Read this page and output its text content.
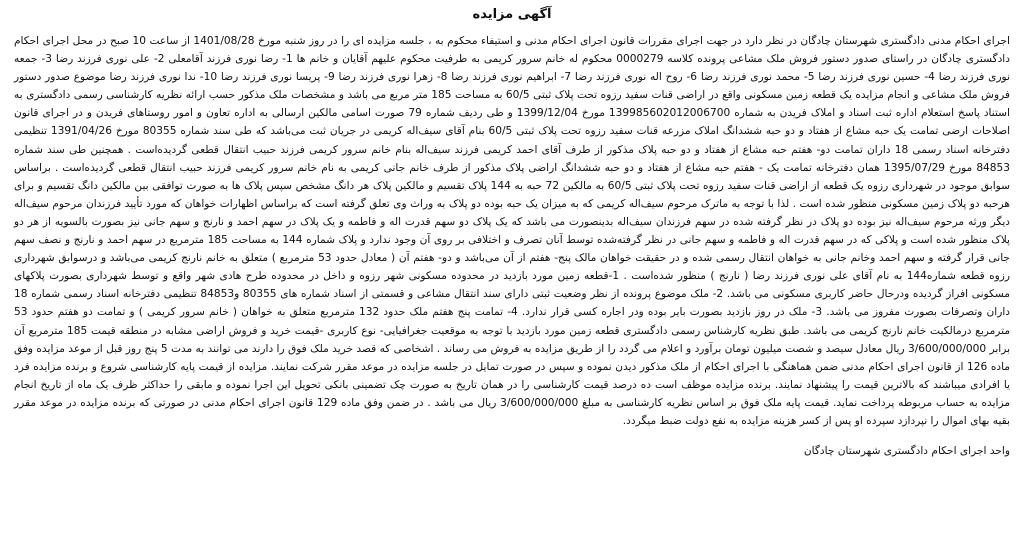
آگهی مزایده

اجرای احکام مدنی دادگستری شهرستان چادگان در نظر دارد در جهت اجرای مقررات قانون اجرای احکام مدنی و استیفاء محکوم به ، جلسه مزایده ای را در روز شنبه مورخ 1401/08/28 از ساعت 10 صبح در محل اجرای احکام دادگستری چادگان در راستای صدور دستور فروش ملک مشاعی پرونده کلاسه 0000279 محکوم له خانم سرور کریمی به طرفیت محکوم علیهم آقایان و خانم ها 1- رضا نوری فرزند آقامعلی 2- علی نوری فرزند رضا 3- جمعه نوری فرزند رضا 4- حسین نوری فرزند رضا 5- محمد نوری فرزند رضا 6- روح اله نوری فرزند رضا 7- ابراهیم نوری فرزند رضا 8- زهرا نوری فرزند رضا 9- پریسا نوری فرزند رضا 10- ندا نوری فرزند رضا موضوع صدور دستور فروش ملک مشاعی و انجام مزایده یک قطعه زمین مسکونی واقع در اراضی قنات سفید رزوه تحت پلاک ثبتی 60/5 به مساحت 185 متر مربع می باشد و مشخصات ملک مذکور حسب ارائه نظریه کارشناسی رسمی دادگستری به استناد پاسخ استعلام اداره ثبت اسناد و املاک فریدن به شماره 139985602012006700 مورخ 1399/12/04 و طی ردیف شماره 79 صورت اسامی مالکین ارسالی به اداره تعاون و امور روستاهای فریدن و در اجرای قانون اصلاحات ارضی تمامت یک حبه مشاع از هفتاد و دو حبه ششدانگ املاک مزرعه قنات سفید رزوه تحت پلاک ثبتی 60/5 بنام آقای سیف‌اله کریمی در جریان ثبت می‌باشد که طی سند شماره 80355 مورخ 1391/04/26 تنظیمی دفترخانه اسناد رسمی 18 داران تمامت دو- هفتم حبه مشاع از هفتاد و دو حبه پلاک مذکور از طرف آقای احمد کریمی فرزند سیف‌اله بنام خانم سرور کریمی فرزند حبیب انتقال قطعی گردیده‌است . همچنین طی سند شماره 84853 مورخ 1395/07/29 همان دفترخانه تمامت یک - هفتم حبه مشاع از هفتاد و دو حبه ششدانگ اراضی پلاک مذکور از طرف خانم جانی کریمی به نام خانم سرور کریمی فرزند حبیب انتقال قطعی گردیده‌است . براساس سوابق موجود در شهرداری رزوه یک قطعه از اراضی قنات سفید رزوه تحت پلاک ثبتی 60/5 به مالکین 72 حبه به 144 پلاک تقسیم و مالکین پلاک هر دانگ مشخص سپس پلاک ها به صورت توافقی بین مالکین دانگ تقسیم و برای هرحبه دو پلاک زمین مسکونی منظور شده است . لذا با توجه به ماترک مرحوم سیف‌اله کریمی که به میزان یک حبه بوده دو پلاک به وراث وی تعلق گرفته است که براساس اظهارات خواهان که مورد تأیید فرزندان مرحوم سیف‌اله دیگر ورثه مرحوم سیف‌اله نیز بوده دو پلاک در نظر گرفته شده در سهم فرزندان سیف‌اله بدینصورت می باشد که یک پلاک دو سهم قدرت اله و فاطمه و یک پلاک در سهم احمد و نارنج و سهم جانی نیز بصورت بالسویه از هر دو پلاک منظور شده است و پلاکی که در سهم قدرت اله و فاطمه و سهم جانی در نظر گرفته‌شده توسط آنان تصرف و اختلافی بر روی آن وجود ندارد و پلاک شماره 144 به مساحت 185 مترمربع در سهم احمد و نارنج و نصف سهم جانی قرار گرفته و سهم احمد وخانم جانی به خواهان انتقال رسمی شده و در حقیقت خواهان مالک پنج- هفتم از آن می‌باشد و دو- هفتم آن ( معادل حدود 53 مترمربع ) متعلق به خانم نارنج کریمی می‌باشد و درسوابق شهرداری رزوه قطعه شماره144 به نام آقای علی نوری فرزند رضا ( نارنج ) منظور شده‌است . 1-قطعه زمین مورد بازدید در محدوده مسکونی شهر رزوه و داخل در محدوده طرح هادی شهر واقع و توسط شهرداری بصورت پلاکهای مسکونی افراز گردیده ودرحال حاضر کاربری مسکونی می باشد. 2- ملک موضوع پرونده از نظر وضعیت ثبتی دارای سند انتقال مشاعی و قسمتی از اسناد شماره های 80355 و84853 تنظیمی دفترخانه اسناد رسمی شماره 18 داران وتصرفات بصورت مفروز می باشد. 3- ملک در روز بازدید بصورت بایر بوده ودر اجاره کسی قرار ندارد. 4- تمامت پنج هفتم ملک حدود 132 مترمربع متعلق به خواهان ( خانم سرور کریمی ) و تمامت دو هفتم حدود 53 مترمربع درمالکیت خانم نارنج کریمی می باشد. طبق نظریه کارشناس رسمی دادگستری قطعه زمین مورد بازدید با توجه به موقعیت جغرافیایی- نوع کاربری -قیمت خرید و فروش اراضی مشابه در منطقه قیمت 185 مترمربع آن برابر 3/600/000/000 ریال معادل سیصد و شصت میلیون تومان برآورد و اعلام می گردد را از طریق مزایده به فروش می رساند . اشخاصی که قصد خرید ملک فوق را دارند می توانند به مدت 5 پنج روز قبل از موعد مزایده وفق ماده 126 از قانون اجرای احکام مدنی ضمن هماهنگی با اجرای احکام از ملک مذکور دیدن نموده و سپس در صورت تمایل در جلسه مزایده در موعد مقرر شرکت نمایند. مزایده از قیمت پایه کارشناسی شروع و برنده مزایده فرد یا افرادی میباشند که بالاترین قیمت را پیشنهاد نمایند. برنده مزایده موظف است ده درصد قیمت کارشناسی را در همان تاریخ به صورت چک تضمینی بانکی تحویل این اجرا نموده و مابقی را حداکثر ظرف یک ماه از تاریخ انجام مزایده به حساب مربوطه پرداخت نماید. قیمت پایه ملک فوق بر اساس نظریه کارشناسی به مبلغ 3/600/000/000 ریال می باشد . در ضمن وفق ماده 129 قانون اجرای احکام مدنی در صورتی که برنده مزایده در موعد مقرر بقیه بهای اموال را نپردازد سپرده او پس از کسر هزینه مزایده به نفع دولت ضبط میگردد.

واحد اجرای احکام دادگستری شهرستان چادگان
